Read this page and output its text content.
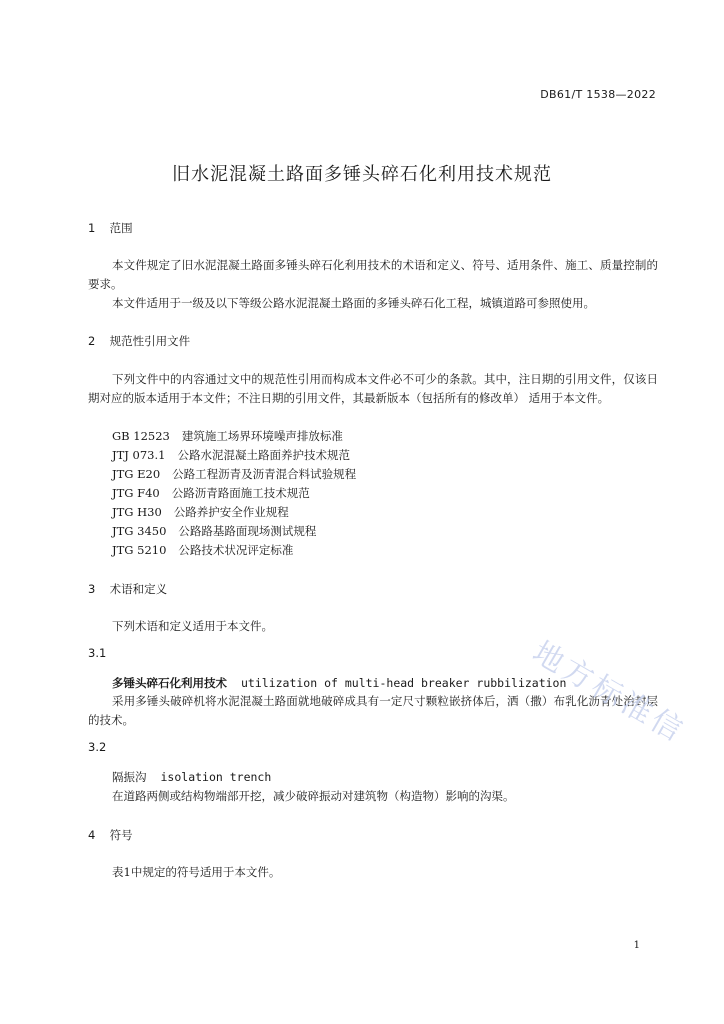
DB61/T 1538—2022
旧水泥混凝土路面多锤头碎石化利用技术规范
1 范围
本文件规定了旧水泥混凝土路面多锤头碎石化利用技术的术语和定义、符号、适用条件、施工、质量控制的要求。
本文件适用于一级及以下等级公路水泥混凝土路面的多锤头碎石化工程，城镇道路可参照使用。
2 规范性引用文件
下列文件中的内容通过文中的规范性引用而构成本文件必不可少的条款。其中，注日期的引用文件，仅该日期对应的版本适用于本文件；不注日期的引用文件，其最新版本（包括所有的修改单） 适用于本文件。
GB 12523 建筑施工场界环境噪声排放标准
JTJ 073.1 公路水泥混凝土路面养护技术规范
JTG E20 公路工程沥青及沥青混合料试验规程
JTG F40 公路沥青路面施工技术规范
JTG H30 公路养护安全作业规程
JTG 3450 公路路基路面现场测试规程
JTG 5210 公路技术状况评定标准
3 术语和定义
下列术语和定义适用于本文件。
3.1
多锤头碎石化利用技术 utilization of multi-head breaker rubbilization
采用多锤头破碎机将水泥混凝土路面就地破碎成具有一定尺寸颗粒嵌挤体后，洒（撒）布乳化沥青处治封层的技术。
3.2
隔振沟 isolation trench
在道路两侧或结构物端部开挖，减少破碎振动对建筑物（构造物）影响的沟渠。
4 符号
表1中规定的符号适用于本文件。
1
地方标准信
